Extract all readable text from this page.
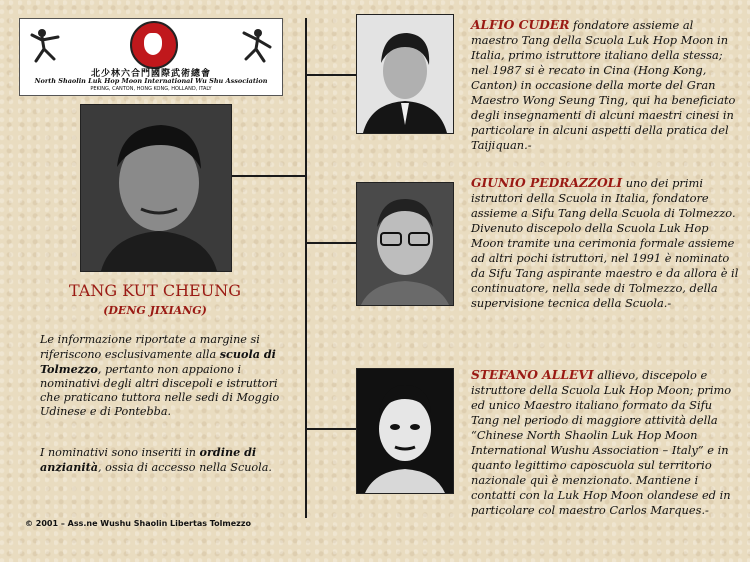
北少林六合門國際武術總會
North Shaolin Luk Hop Moon International Wu Shu Association
PEKING, CANTON, HONG KONG, HOLLAND, ITALY
TANG KUT CHEUNG
(DENG JIXIANG)
Le informazione riportate a margine si riferiscono esclusivamente alla scuola di Tolmezzo, pertanto non appaiono i nominativi degli altri discepoli e istruttori che praticano tuttora nelle sedi di Moggio Udinese e di Pontebba.
I nominativi sono inseriti in ordine di anzianità, ossia di accesso nella Scuola.
© 2001 – Ass.ne Wushu Shaolin Libertas Tolmezzo
ALFIO CUDER fondatore assieme al maestro Tang della Scuola Luk Hop Moon in Italia, primo istruttore italiano della stessa; nel 1987 si è recato in Cina (Hong Kong, Canton) in occasione della morte del Gran Maestro Wong Seung Ting, qui ha beneficiato degli insegnamenti di alcuni maestri cinesi in particolare in alcuni aspetti della pratica del Taijiquan.-
GIUNIO PEDRAZZOLI uno dei primi istruttori della Scuola in Italia, fondatore assieme a Sifu Tang della Scuola di Tolmezzo. Divenuto discepolo della Scuola Luk Hop Moon tramite una cerimonia formale assieme ad altri pochi istruttori, nel 1991 è nominato da Sifu Tang aspirante maestro e da allora è il continuatore, nella sede di Tolmezzo, della supervisione tecnica della Scuola.-
STEFANO ALLEVI allievo, discepolo e istruttore della Scuola Luk Hop Moon; primo ed unico Maestro italiano formato da Sifu Tang nel periodo di maggiore attività della “Chinese North Shaolin Luk Hop Moon International Wushu Association – Italy” e in quanto legittimo caposcuola sul territorio nazionale quì è menzionato. Mantiene i contatti con la Luk Hop Moon olandese ed in particolare col maestro Carlos Marques.-
